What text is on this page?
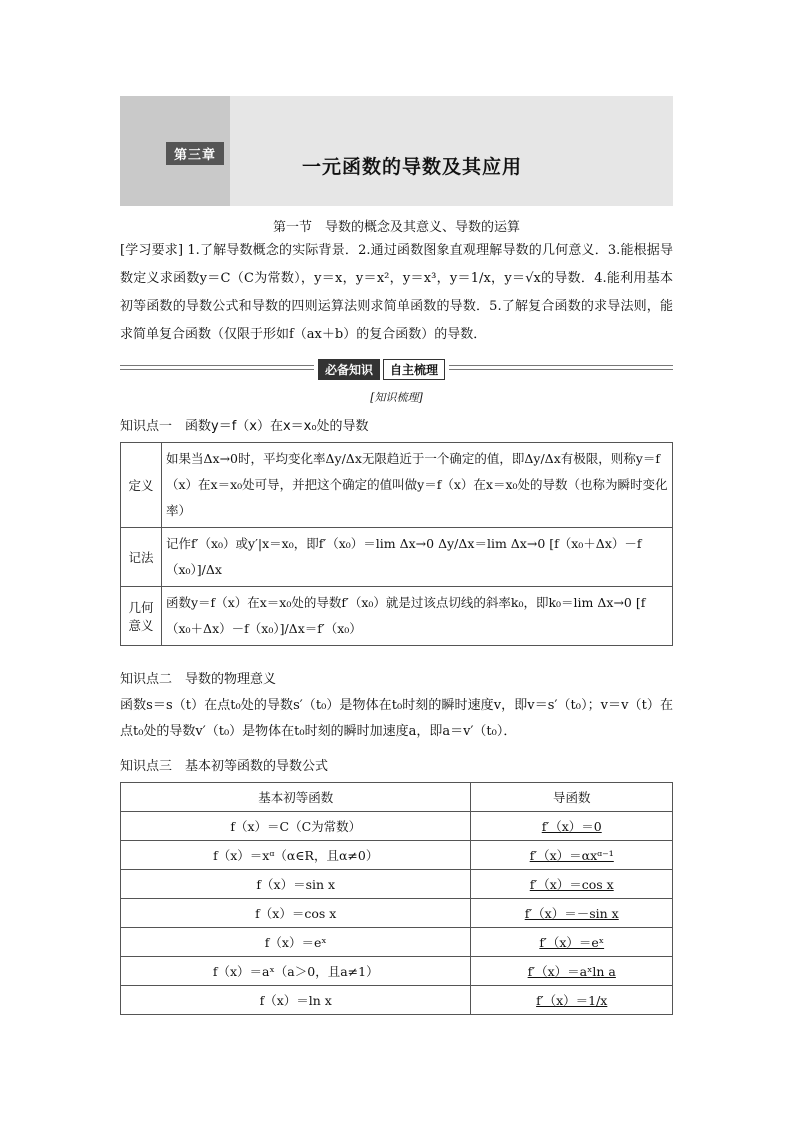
第三章
一元函数的导数及其应用
第一节　导数的概念及其意义、导数的运算

[学习要求] 1.了解导数概念的实际背景．2.通过函数图象直观理解导数的几何意义．3.能根据导数定义求函数y＝C（C为常数），y＝x，y＝x²，y＝x³，y＝1/x，y＝√x的导数．4.能利用基本初等函数的导数公式和导数的四则运算法则求简单函数的导数．5.了解复合函数的求导法则，能求简单复合函数（仅限于形如f（ax＋b）的复合函数）的导数．

必备知识	自主梳理
[知识梳理]
知识点一　函数y＝f（x）在x＝x₀处的导数
定义	如果当Δx→0时，平均变化率Δy/Δx无限趋近于一个确定的值，即Δy/Δx有极限，则称y＝f（x）在x＝x₀处可导，并把这个确定的值叫做y＝f（x）在x＝x₀处的导数（也称为瞬时变化率）
记法	记作f′（x₀）或y′|x＝x₀，即f′（x₀）＝lim Δx→0 Δy/Δx＝lim Δx→0 [f（x₀＋Δx）－f（x₀）]/Δx
几何意义	函数y＝f（x）在x＝x₀处的导数f′（x₀）就是过该点切线的斜率k₀，即k₀＝lim Δx→0 [f（x₀＋Δx）－f（x₀）]/Δx＝f′（x₀）
知识点二　导数的物理意义

函数s＝s（t）在点t₀处的导数s′（t₀）是物体在t₀时刻的瞬时速度v，即v＝s′（t₀）；v＝v（t）在点t₀处的导数v′（t₀）是物体在t₀时刻的瞬时加速度a，即a＝v′（t₀）．

知识点三　基本初等函数的导数公式
基本初等函数	导函数
f（x）＝C（C为常数）	f′（x）＝0
f（x）＝xᵅ（α∈R，且α≠0）	f′（x）＝αxᵅ⁻¹
f（x）＝sin x	f′（x）＝cos x
f（x）＝cos x	f′（x）＝－sin x
f（x）＝eˣ	f′（x）＝eˣ
f（x）＝aˣ（a＞0，且a≠1）	f′（x）＝aˣln a
f（x）＝ln x	f′（x）＝1/x
